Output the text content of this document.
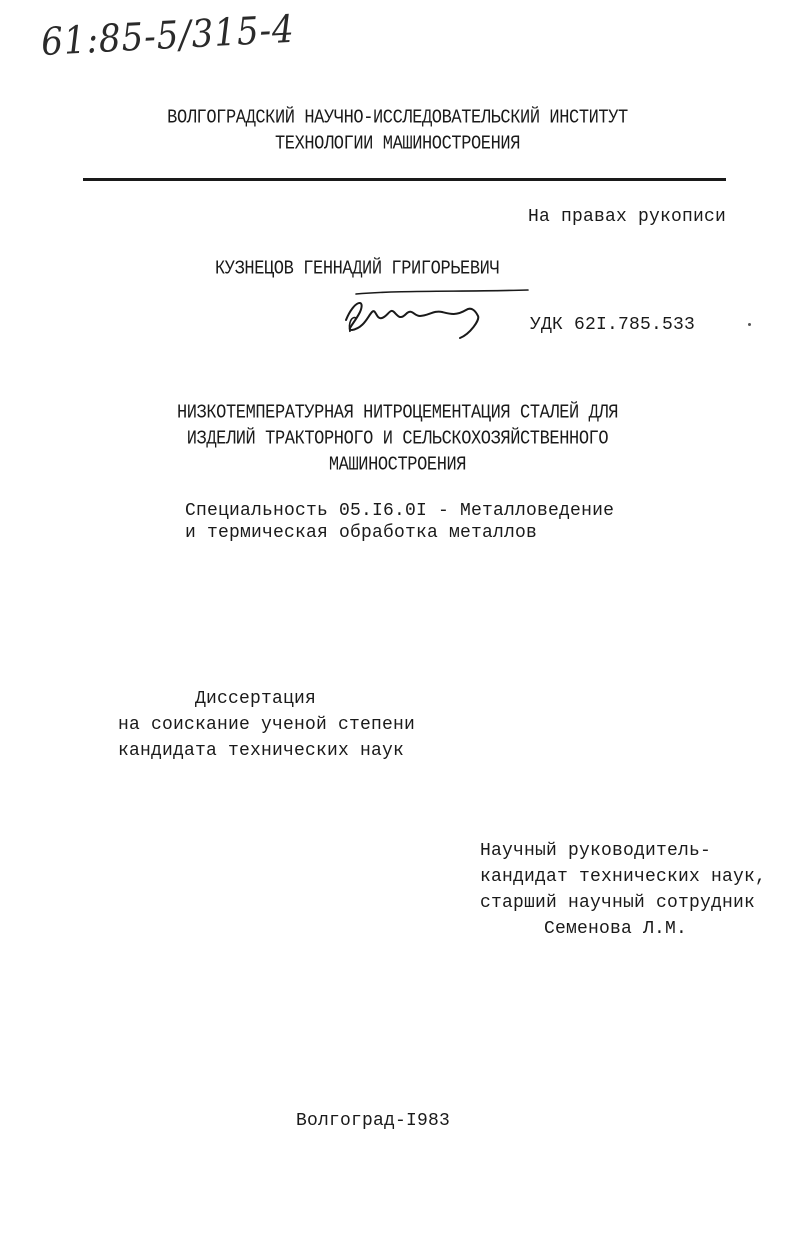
61:85-5/315-4
ВОЛГОГРАДСКИЙ НАУЧНО-ИССЛЕДОВАТЕЛЬСКИЙ ИНСТИТУТ
ТЕХНОЛОГИИ МАШИНОСТРОЕНИЯ
На правах рукописи
КУЗНЕЦОВ ГЕННАДИЙ ГРИГОРЬЕВИЧ
УДК 62I.785.533
НИЗКОТЕМПЕРАТУРНАЯ НИТРОЦЕМЕНТАЦИЯ СТАЛЕЙ ДЛЯ
ИЗДЕЛИЙ ТРАКТОРНОГО И СЕЛЬСКОХОЗЯЙСТВЕННОГО
МАШИНОСТРОЕНИЯ
Специальность 05.I6.0I - Металловедение
и термическая обработка металлов
Диссертация
на соискание ученой степени
кандидата технических наук
Научный руководитель-
кандидат технических наук,
старший научный сотрудник
Семенова Л.М.
Волгоград-I983
